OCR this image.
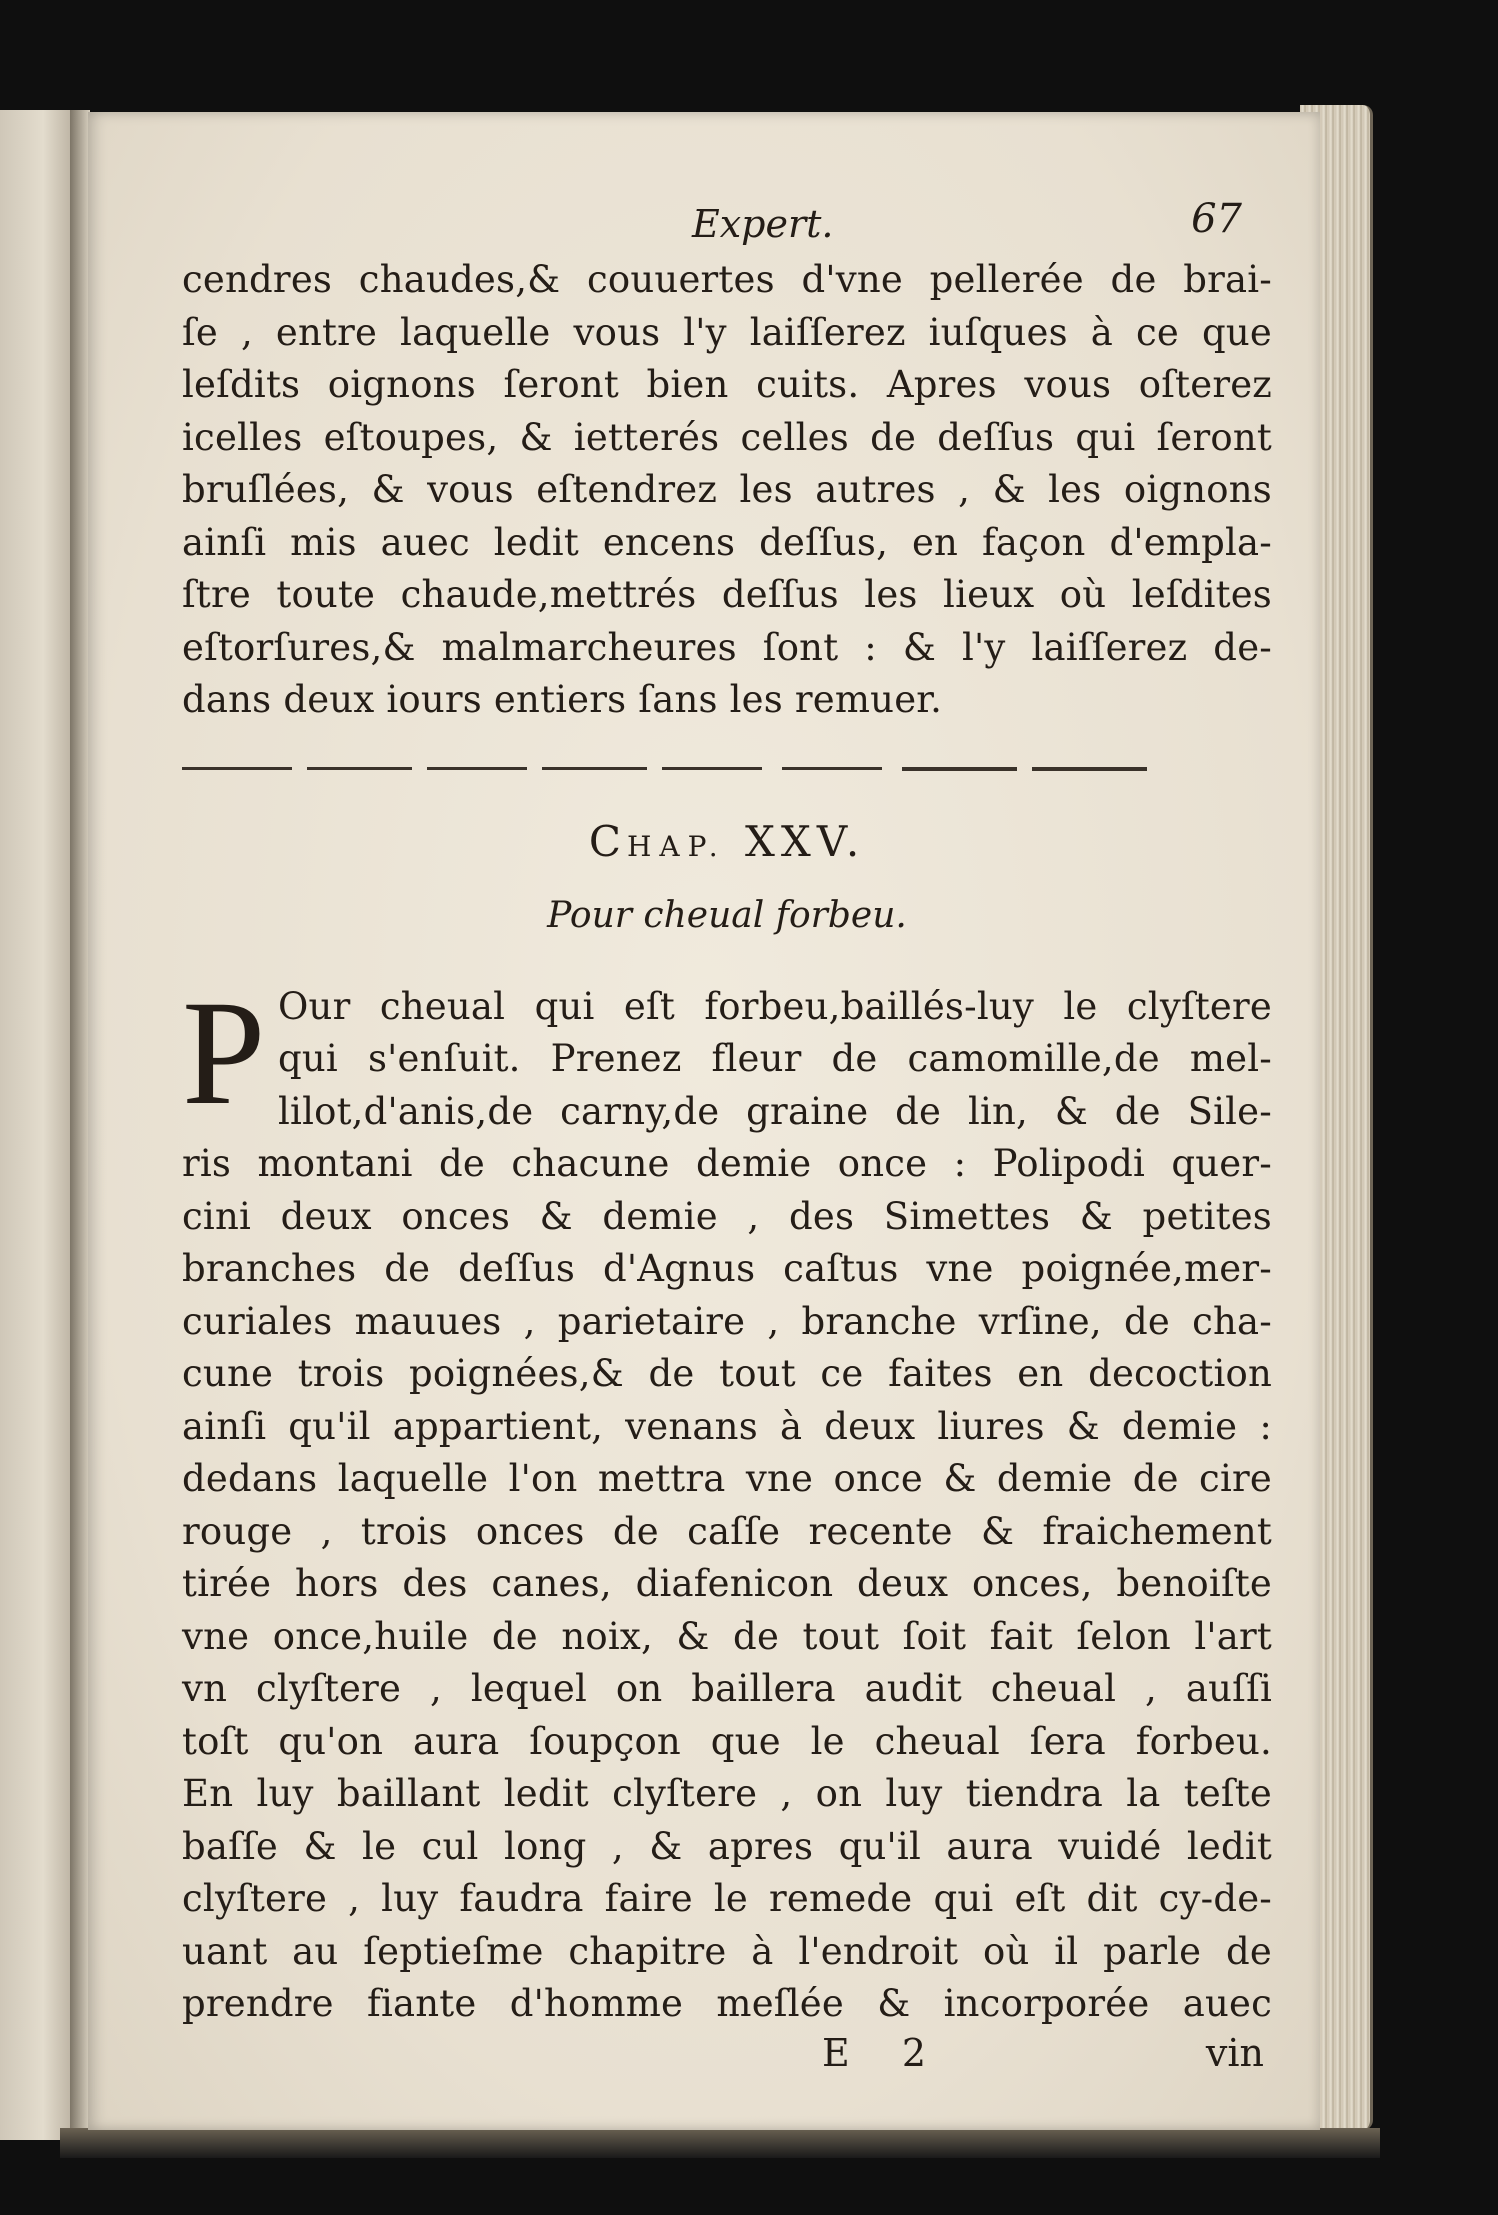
Expert.	67
cendres chaudes,& couuertes d'vne pellerée de brai-
ſe , entre laquelle vous l'y laiſſerez iuſques à ce que
leſdits oignons ſeront bien cuits. Apres vous oſterez
icelles eſtoupes, & ietterés celles de deſſus qui ſeront
bruſlées, & vous eſtendrez les autres , & les oignons
ainſi mis auec ledit encens deſſus, en façon d'empla-
ſtre toute chaude,mettrés deſſus les lieux où leſdites
eſtorſures,& malmarcheures ſont : & l'y laiſſerez de-
dans deux iours entiers ſans les remuer.
CHAP. XXV.
Pour cheual forbeu.
P Our cheual qui eſt forbeu,baillés-luy le clyſtere
qui s'enſuit. Prenez fleur de camomille,de mel-
lilot,d'anis,de carny,de graine de lin, & de Sile-
ris montani de chacune demie once : Polipodi quer-
cini deux onces & demie , des Simettes & petites
branches de deſſus d'Agnus caſtus vne poignée,mer-
curiales mauues , parietaire , branche vrſine, de cha-
cune trois poignées,& de tout ce faites en decoction
ainſi qu'il appartient, venans à deux liures & demie :
dedans laquelle l'on mettra vne once & demie de cire
rouge , trois onces de caſſe recente & fraichement
tirée hors des canes, diafenicon deux onces, benoiſte
vne once,huile de noix, & de tout ſoit fait ſelon l'art
vn clyſtere , lequel on baillera audit cheual , auſſi
toſt qu'on aura ſoupçon que le cheual ſera forbeu.
En luy baillant ledit clyſtere , on luy tiendra la teſte
baſſe & le cul long , & apres qu'il aura vuidé ledit
clyſtere , luy faudra faire le remede qui eſt dit cy-de-
uant au ſeptieſme chapitre à l'endroit où il parle de
prendre fiante d'homme meſlée & incorporée auec
E 2	vin
